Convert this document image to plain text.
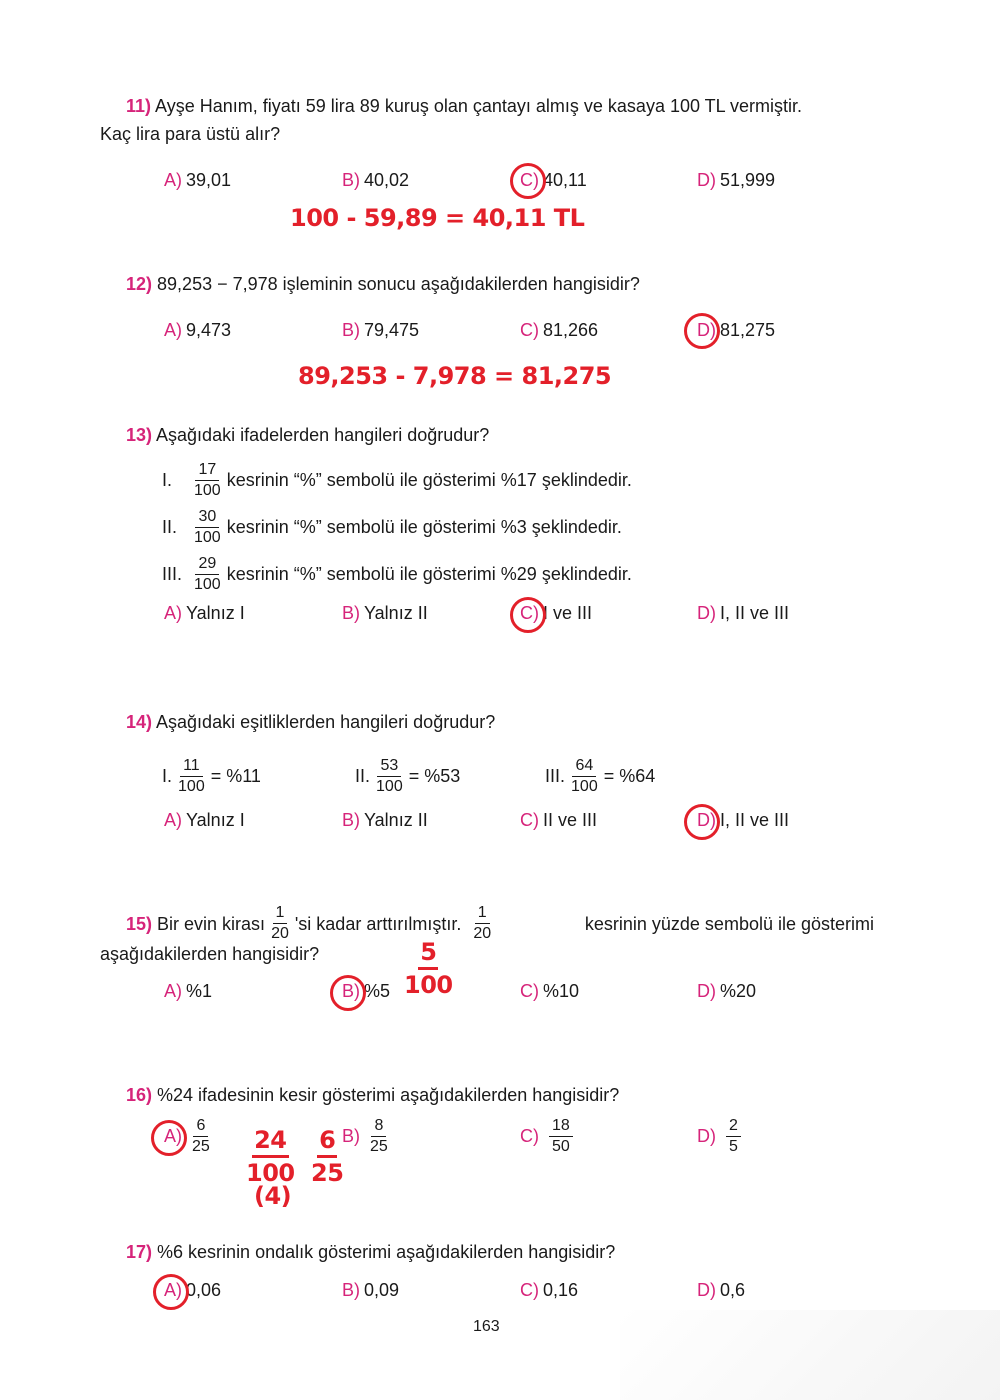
11) Ayşe Hanım, fiyatı 59 lira 89 kuruş olan çantayı almış ve kasaya 100 TL vermiştir.
Kaç lira para üstü alır?
A) 39,01	B) 40,02	C) 40,11	D) 51,999
100 - 59,89 = 40,11 TL
12) 89,253 − 7,978 işleminin sonucu aşağıdakilerden hangisidir?
A) 9,473	B) 79,475	C) 81,266	D) 81,275
89,253 - 7,978 = 81,275
13) Aşağıdaki ifadelerden hangileri doğrudur?
I.	$\frac{17}{100}$ kesrinin “%” sembolü ile gösterimi %17 şeklindedir.
II.	$\frac{30}{100}$ kesrinin “%” sembolü ile gösterimi %3 şeklindedir.
III. $\frac{29}{100}$ kesrinin “%” sembolü ile gösterimi %29 şeklindedir.
A) Yalnız I	B) Yalnız II	C) I ve III	D) I, II ve III
14) Aşağıdaki eşitliklerden hangileri doğrudur?
I. $\frac{11}{100} = \%11$	II. $\frac{53}{100} = \%53$	III. $\frac{64}{100} = \%64$
A) Yalnız I	B) Yalnız II	C) II ve III	D) I, II ve III
15)
Bir evin kirası $\frac{1}{20}$ 'si kadar arttırılmıştır. $\frac{1}{20}$	kesrinin yüzde sembolü ile gösterimi
aşağıdakilerden hangisidir?	$\frac{5}{100}$
A) %1	B) %5	C) %10	D) %20
16) %24 ifadesinin kesir gösterimi aşağıdakilerden hangisidir?
$A) \frac{6}{25}$	$B) \frac{8}{25}$	$C) \frac{18}{50}$	$D) \frac{2}{5}$
$\frac{24}{100}$
(4)
$\frac{6}{25}$
17) %6 kesrinin ondalık gösterimi aşağıdakilerden hangisidir?
A) 0,06	B) 0,09	C) 0,16	D) 0,6
163
